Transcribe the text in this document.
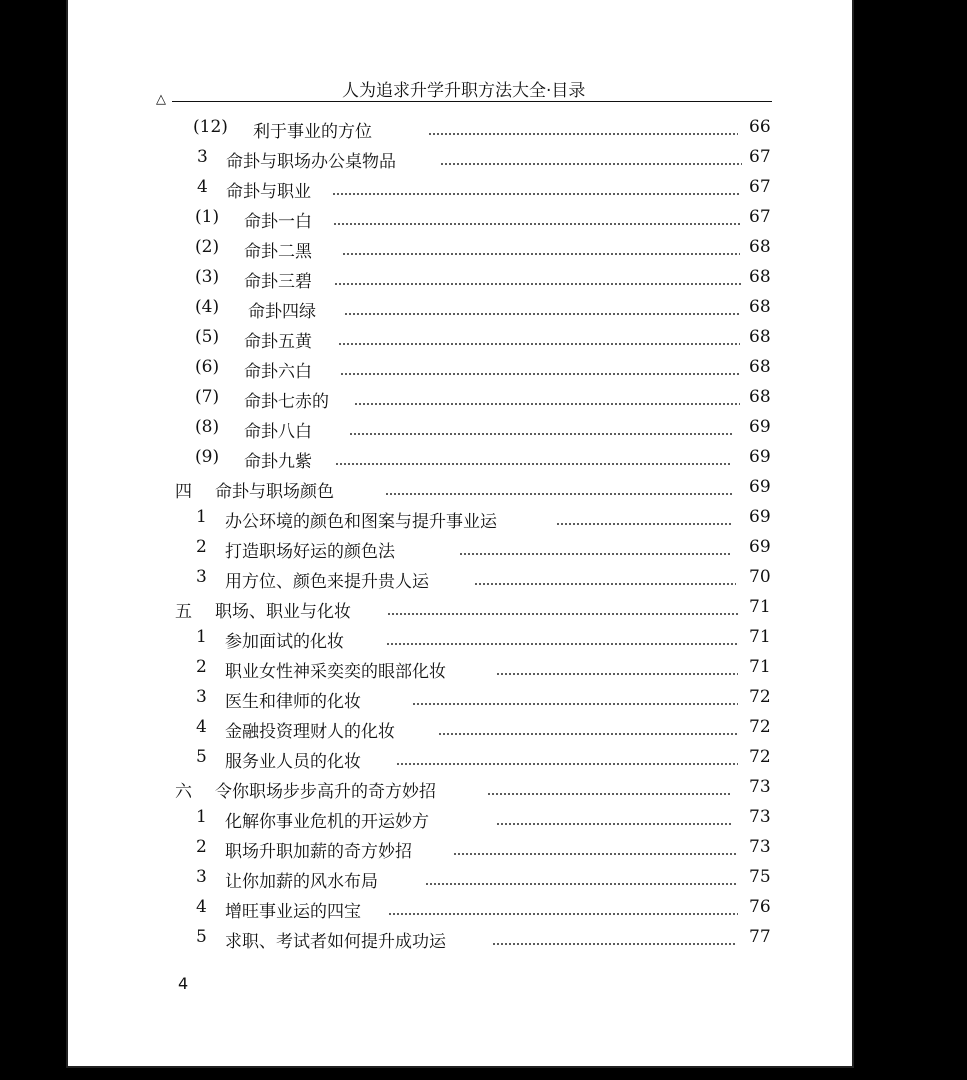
人为追求升学升职方法大全·目录
△
(12) 利于事业的方位	66
3 命卦与职场办公桌物品	67
4 命卦与职业	67
(1) 命卦一白	67
(2) 命卦二黑	68
(3) 命卦三碧	68
(4) 命卦四绿	68
(5) 命卦五黄	68
(6) 命卦六白	68
(7) 命卦七赤的	68
(8) 命卦八白	69
(9) 命卦九紫	69
四 命卦与职场颜色	69
1 办公环境的颜色和图案与提升事业运	69
2 打造职场好运的颜色法	69
3 用方位、颜色来提升贵人运	70
五 职场、职业与化妆	71
1 参加面试的化妆	71
2 职业女性神采奕奕的眼部化妆	71
3 医生和律师的化妆	72
4 金融投资理财人的化妆	72
5 服务业人员的化妆	72
六 令你职场步步高升的奇方妙招	73
1 化解你事业危机的开运妙方	73
2 职场升职加薪的奇方妙招	73
3 让你加薪的风水布局	75
4 增旺事业运的四宝	76
5 求职、考试者如何提升成功运	77
4
